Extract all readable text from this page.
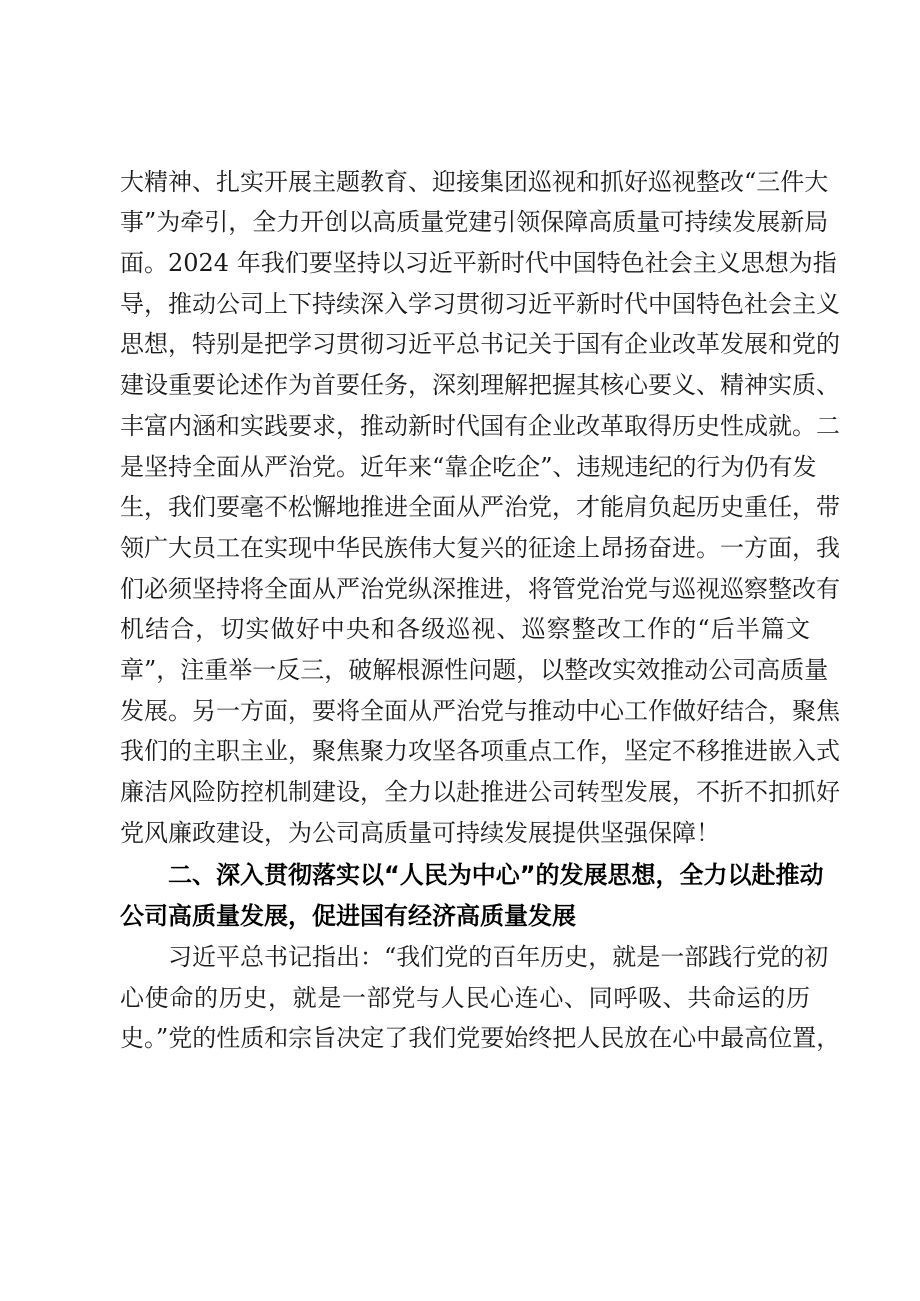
大精神、扎实开展主题教育、迎接集团巡视和抓好巡视整改“三件大
事”为牵引，全力开创以高质量党建引领保障高质量可持续发展新局
面。2024 年我们要坚持以习近平新时代中国特色社会主义思想为指
导，推动公司上下持续深入学习贯彻习近平新时代中国特色社会主义
思想，特别是把学习贯彻习近平总书记关于国有企业改革发展和党的
建设重要论述作为首要任务，深刻理解把握其核心要义、精神实质、
丰富内涵和实践要求，推动新时代国有企业改革取得历史性成就。二
是坚持全面从严治党。近年来“靠企吃企”、违规违纪的行为仍有发
生，我们要毫不松懈地推进全面从严治党，才能肩负起历史重任，带
领广大员工在实现中华民族伟大复兴的征途上昂扬奋进。一方面，我
们必须坚持将全面从严治党纵深推进，将管党治党与巡视巡察整改有
机结合，切实做好中央和各级巡视、巡察整改工作的“后半篇文
章”，注重举一反三，破解根源性问题，以整改实效推动公司高质量
发展。另一方面，要将全面从严治党与推动中心工作做好结合，聚焦
我们的主职主业，聚焦聚力攻坚各项重点工作，坚定不移推进嵌入式
廉洁风险防控机制建设，全力以赴推进公司转型发展，不折不扣抓好
党风廉政建设，为公司高质量可持续发展提供坚强保障！
二、深入贯彻落实以“人民为中心”的发展思想，全力以赴推动
公司高质量发展，促进国有经济高质量发展
习近平总书记指出：“我们党的百年历史，就是一部践行党的初
心使命的历史，就是一部党与人民心连心、同呼吸、共命运的历
史。”党的性质和宗旨决定了我们党要始终把人民放在心中最高位置，
